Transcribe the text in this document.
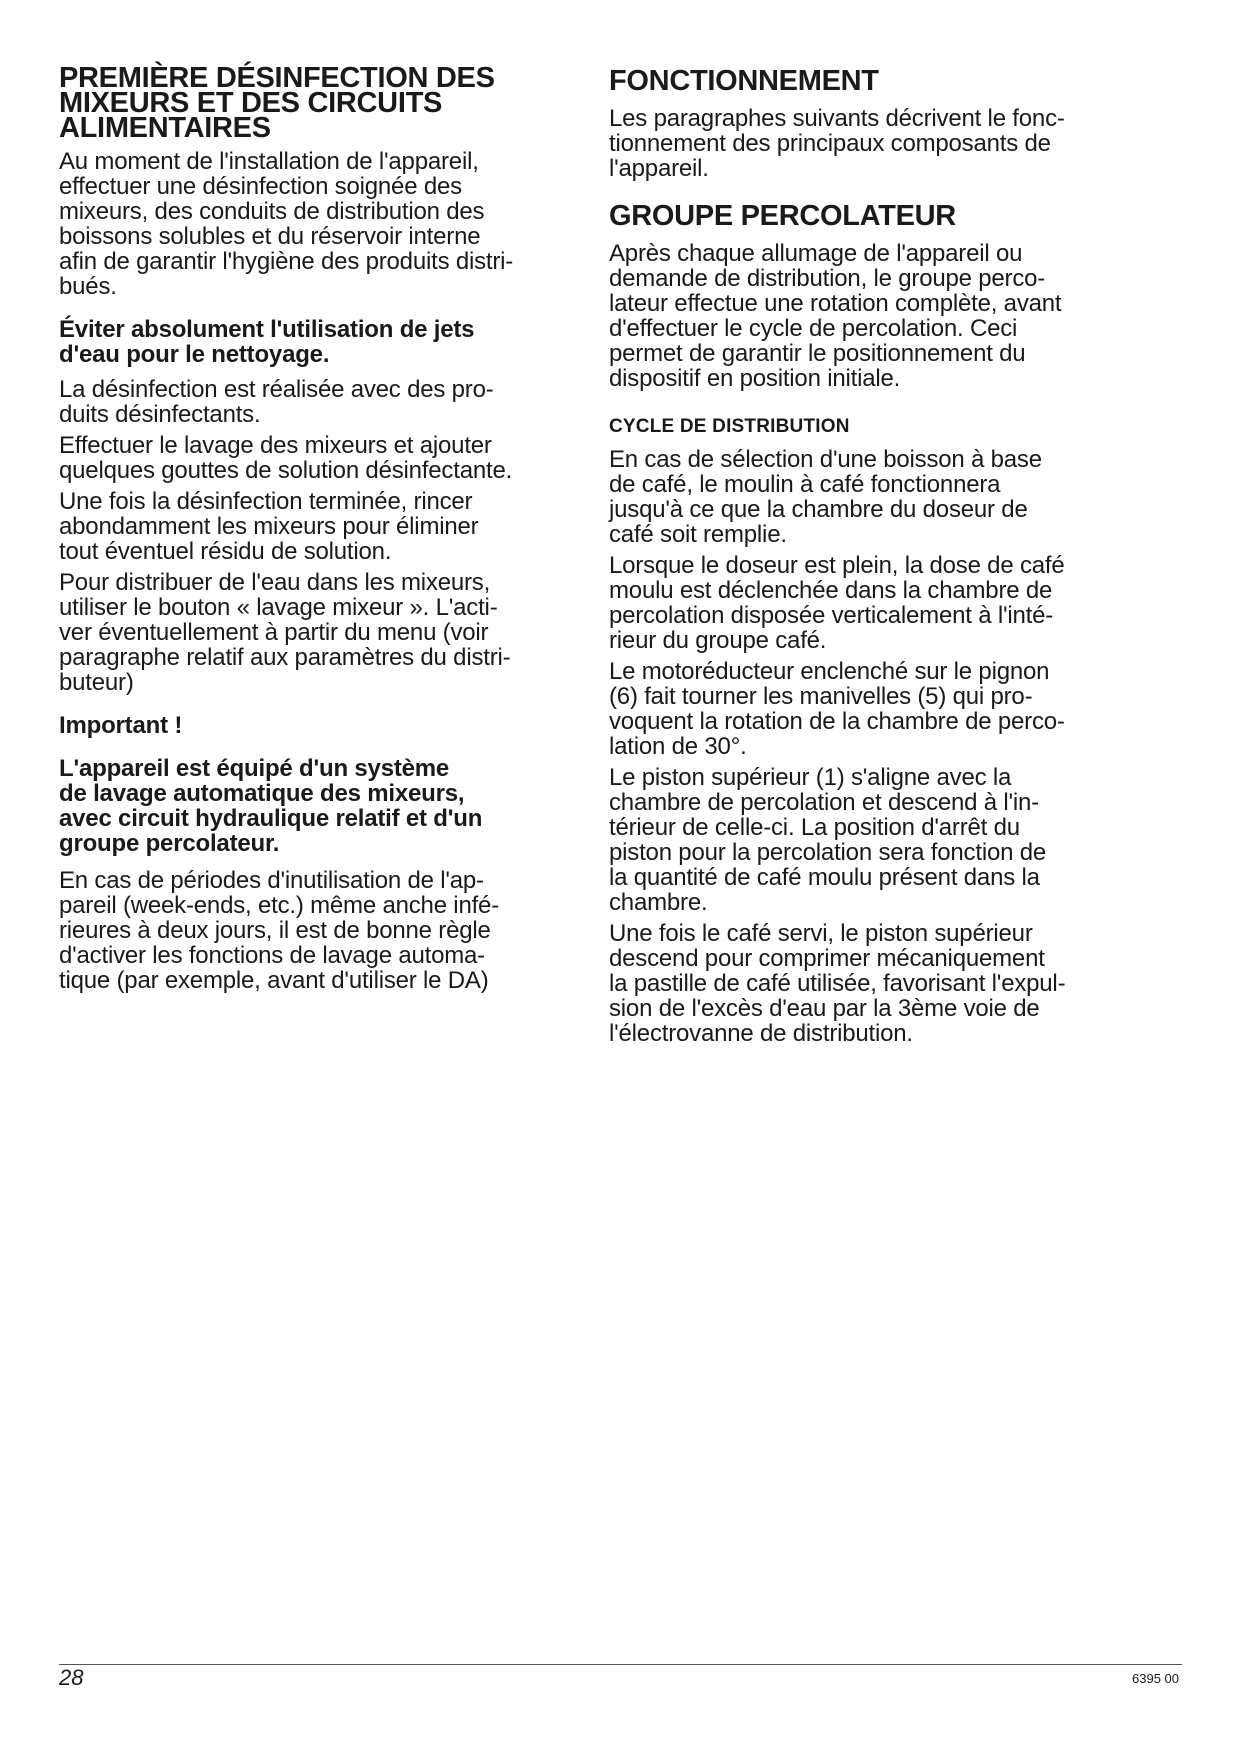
PREMIÈRE DÉSINFECTION DES
MIXEURS ET DES CIRCUITS
ALIMENTAIRES
Au moment de l'installation de l'appareil,
effectuer une désinfection soignée des
mixeurs, des conduits de distribution des
boissons solubles et du réservoir interne
afin de garantir l'hygiène des produits distri-
bués.
Éviter absolument l'utilisation de jets
d'eau pour le nettoyage.
La désinfection est réalisée avec des pro-
duits désinfectants.
Effectuer le lavage des mixeurs et ajouter
quelques gouttes de solution désinfectante.
Une fois la désinfection terminée, rincer
abondamment les mixeurs pour éliminer
tout éventuel résidu de solution.
Pour distribuer de l'eau dans les mixeurs,
utiliser le bouton « lavage mixeur ». L'acti-
ver éventuellement à partir du menu (voir
paragraphe relatif aux paramètres du distri-
buteur)
Important !
L'appareil est équipé d'un système
de lavage automatique des mixeurs,
avec circuit hydraulique relatif et d'un
groupe percolateur.
En cas de périodes d'inutilisation de l'ap-
pareil (week-ends, etc.) même anche infé-
rieures à deux jours, il est de bonne règle
d'activer les fonctions de lavage automa-
tique (par exemple, avant d'utiliser le DA)
FONCTIONNEMENT
Les paragraphes suivants décrivent le fonc-
tionnement des principaux composants de
l'appareil.
GROUPE PERCOLATEUR
Après chaque allumage de l'appareil ou
demande de distribution, le groupe perco-
lateur effectue une rotation complète, avant
d'effectuer le cycle de percolation. Ceci
permet de garantir le positionnement du
dispositif en position initiale.
CYCLE DE DISTRIBUTION
En cas de sélection d'une boisson à base
de café, le moulin à café fonctionnera
jusqu'à ce que la chambre du doseur de
café soit remplie.
Lorsque le doseur est plein, la dose de café
moulu est déclenchée dans la chambre de
percolation disposée verticalement à l'inté-
rieur du groupe café.
Le motoréducteur enclenché sur le pignon
(6) fait tourner les manivelles (5) qui pro-
voquent la rotation de la chambre de perco-
lation de 30°.
Le piston supérieur (1) s'aligne avec la
chambre de percolation et descend à l'in-
térieur de celle-ci. La position d'arrêt du
piston pour la percolation sera fonction de
la quantité de café moulu présent dans la
chambre.
Une fois le café servi, le piston supérieur
descend pour comprimer mécaniquement
la pastille de café utilisée, favorisant l'expul-
sion de l'excès d'eau par la 3ème voie de
l'électrovanne de distribution.
28	6395 00
